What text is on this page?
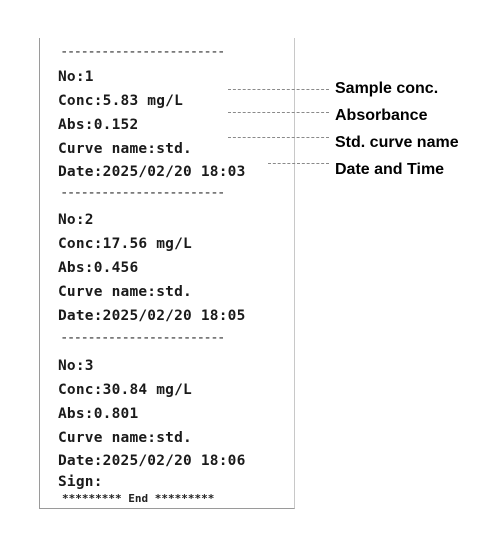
------------------------
No:1
Conc:5.83 mg/L
Abs:0.152
Curve name:std.
Date:2025/02/20 18:03
------------------------
No:2
Conc:17.56 mg/L
Abs:0.456
Curve name:std.
Date:2025/02/20 18:05
------------------------
No:3
Conc:30.84 mg/L
Abs:0.801
Curve name:std.
Date:2025/02/20 18:06
Sign:
********* End *********
Sample conc.
Absorbance
Std. curve name
Date and Time
